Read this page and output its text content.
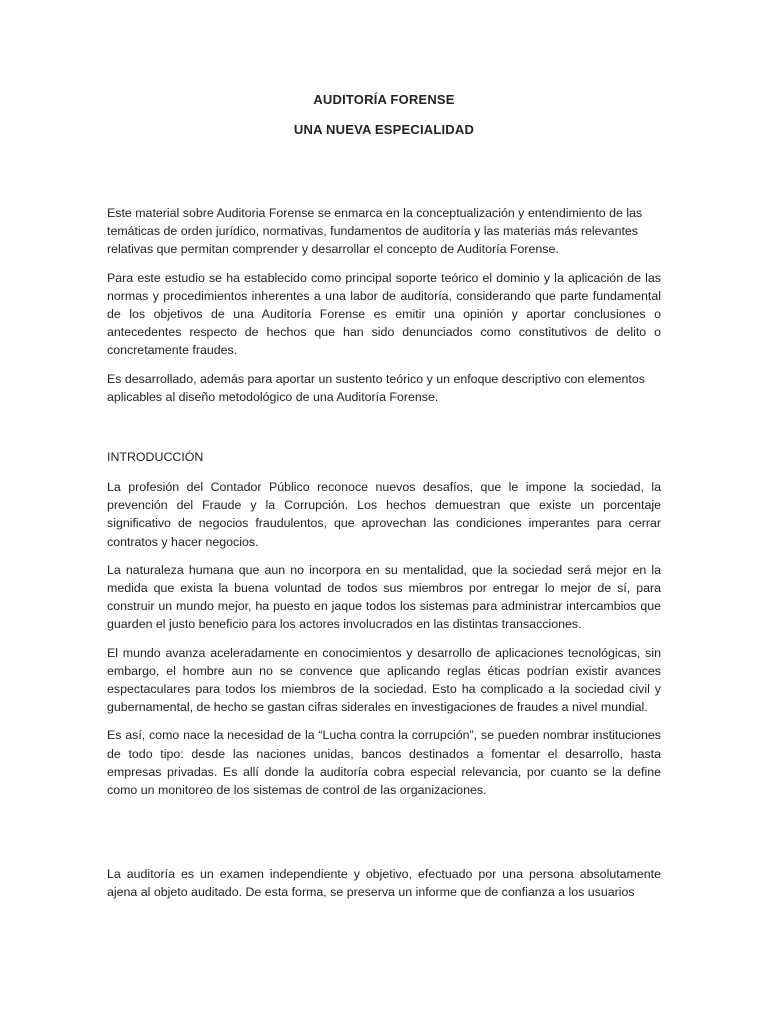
AUDITORÍA FORENSE
UNA NUEVA ESPECIALIDAD

Este material sobre Auditoria Forense se enmarca en la conceptualización y entendimiento de las temáticas de orden jurídico, normativas, fundamentos de auditoría y las materias más relevantes relativas que permitan comprender y desarrollar el concepto de Auditoría Forense.

Para este estudio se ha establecido como principal soporte teórico el dominio y la aplicación de las normas y procedimientos inherentes a una labor de auditoría, considerando que parte fundamental de los objetivos de una Auditoría Forense es emitir una opinión y aportar conclusiones o antecedentes respecto de hechos que han sido denunciados como constitutivos de delito o concretamente fraudes.

Es desarrollado, además para aportar un sustento teórico y un enfoque descriptivo con elementos aplicables al diseño metodológico de una Auditoría Forense.

INTRODUCCIÓN

La profesión del Contador Público reconoce nuevos desafíos, que le impone la sociedad, la prevención del Fraude y la Corrupción. Los hechos demuestran que existe un porcentaje significativo de negocios fraudulentos, que aprovechan las condiciones imperantes para cerrar contratos y hacer negocios.

La naturaleza humana que aun no incorpora en su mentalidad, que la sociedad será mejor en la medida que exista la buena voluntad de todos sus miembros por entregar lo mejor de sí, para construir un mundo mejor, ha puesto en jaque todos los sistemas para administrar intercambios que guarden el justo beneficio para los actores involucrados en las distintas transacciones.

El mundo avanza aceleradamente en conocimientos y desarrollo de aplicaciones tecnológicas, sin embargo, el hombre aun no se convence que aplicando reglas éticas podrían existir avances espectaculares para todos los miembros de la sociedad. Esto ha complicado a la sociedad civil y gubernamental, de hecho se gastan cifras siderales en investigaciones de fraudes a nivel mundial.

Es así, como nace la necesidad de la “Lucha contra la corrupción”, se pueden nombrar instituciones de todo tipo: desde las naciones unidas, bancos destinados a fomentar el desarrollo, hasta empresas privadas. Es allí donde la auditoría cobra especial relevancia, por cuanto se la define como un monitoreo de los sistemas de control de las organizaciones.

La auditoría es un examen independiente y objetivo, efectuado por una persona absolutamente ajena al objeto auditado. De esta forma, se preserva un informe que de confianza a los usuarios
